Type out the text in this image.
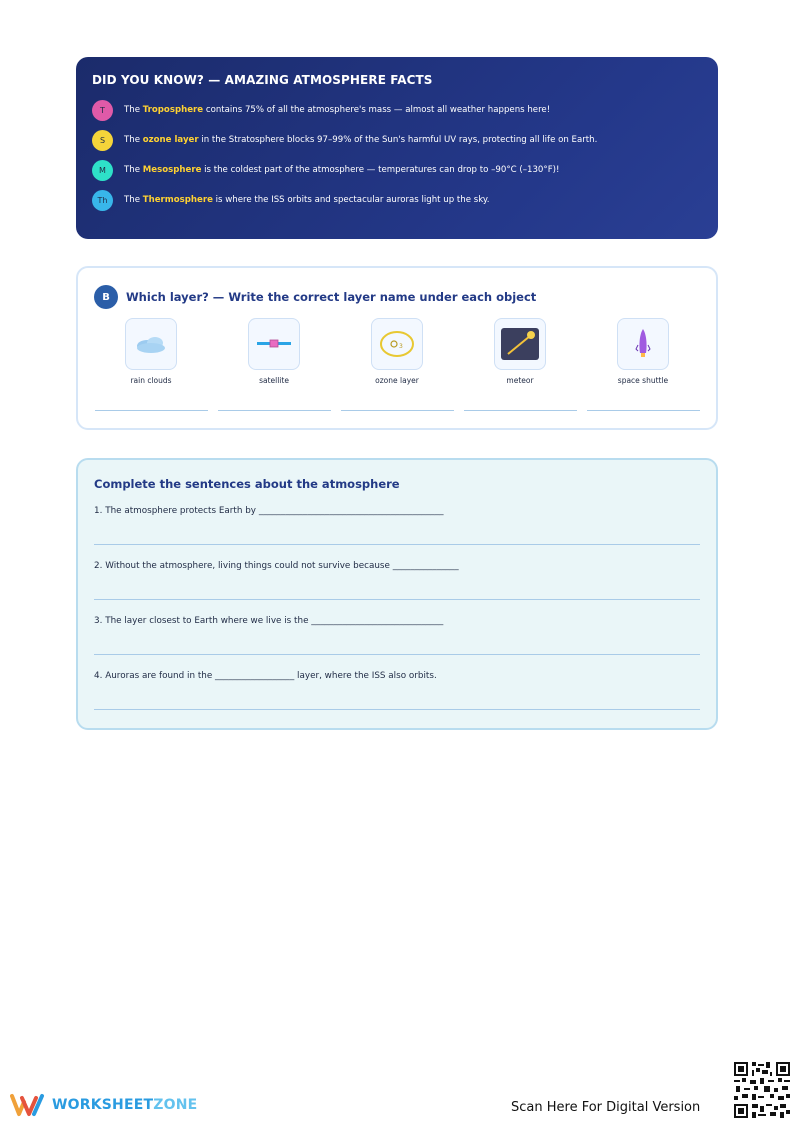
DID YOU KNOW? — AMAZING ATMOSPHERE FACTS
T	The Troposphere contains 75% of all the atmosphere's mass — almost all weather happens here!
S	The ozone layer in the Stratosphere blocks 97–99% of the Sun's harmful UV rays, protecting all life on Earth.
M	The Mesosphere is the coldest part of the atmosphere — temperatures can drop to –90°C (–130°F)!
Th	The Thermosphere is where the ISS orbits and spectacular auroras light up the sky.
B	Which layer? — Write the correct layer name under each object
rain clouds	satellite
3
ozone layer	meteor	space shuttle
Complete the sentences about the atmosphere
1. The atmosphere protects Earth by __________________________________________
2. Without the atmosphere, living things could not survive because _______________
3. The layer closest to Earth where we live is the ______________________________
4. Auroras are found in the __________________ layer, where the ISS also orbits.
WORKSHEETZONE	Scan Here For Digital Version
